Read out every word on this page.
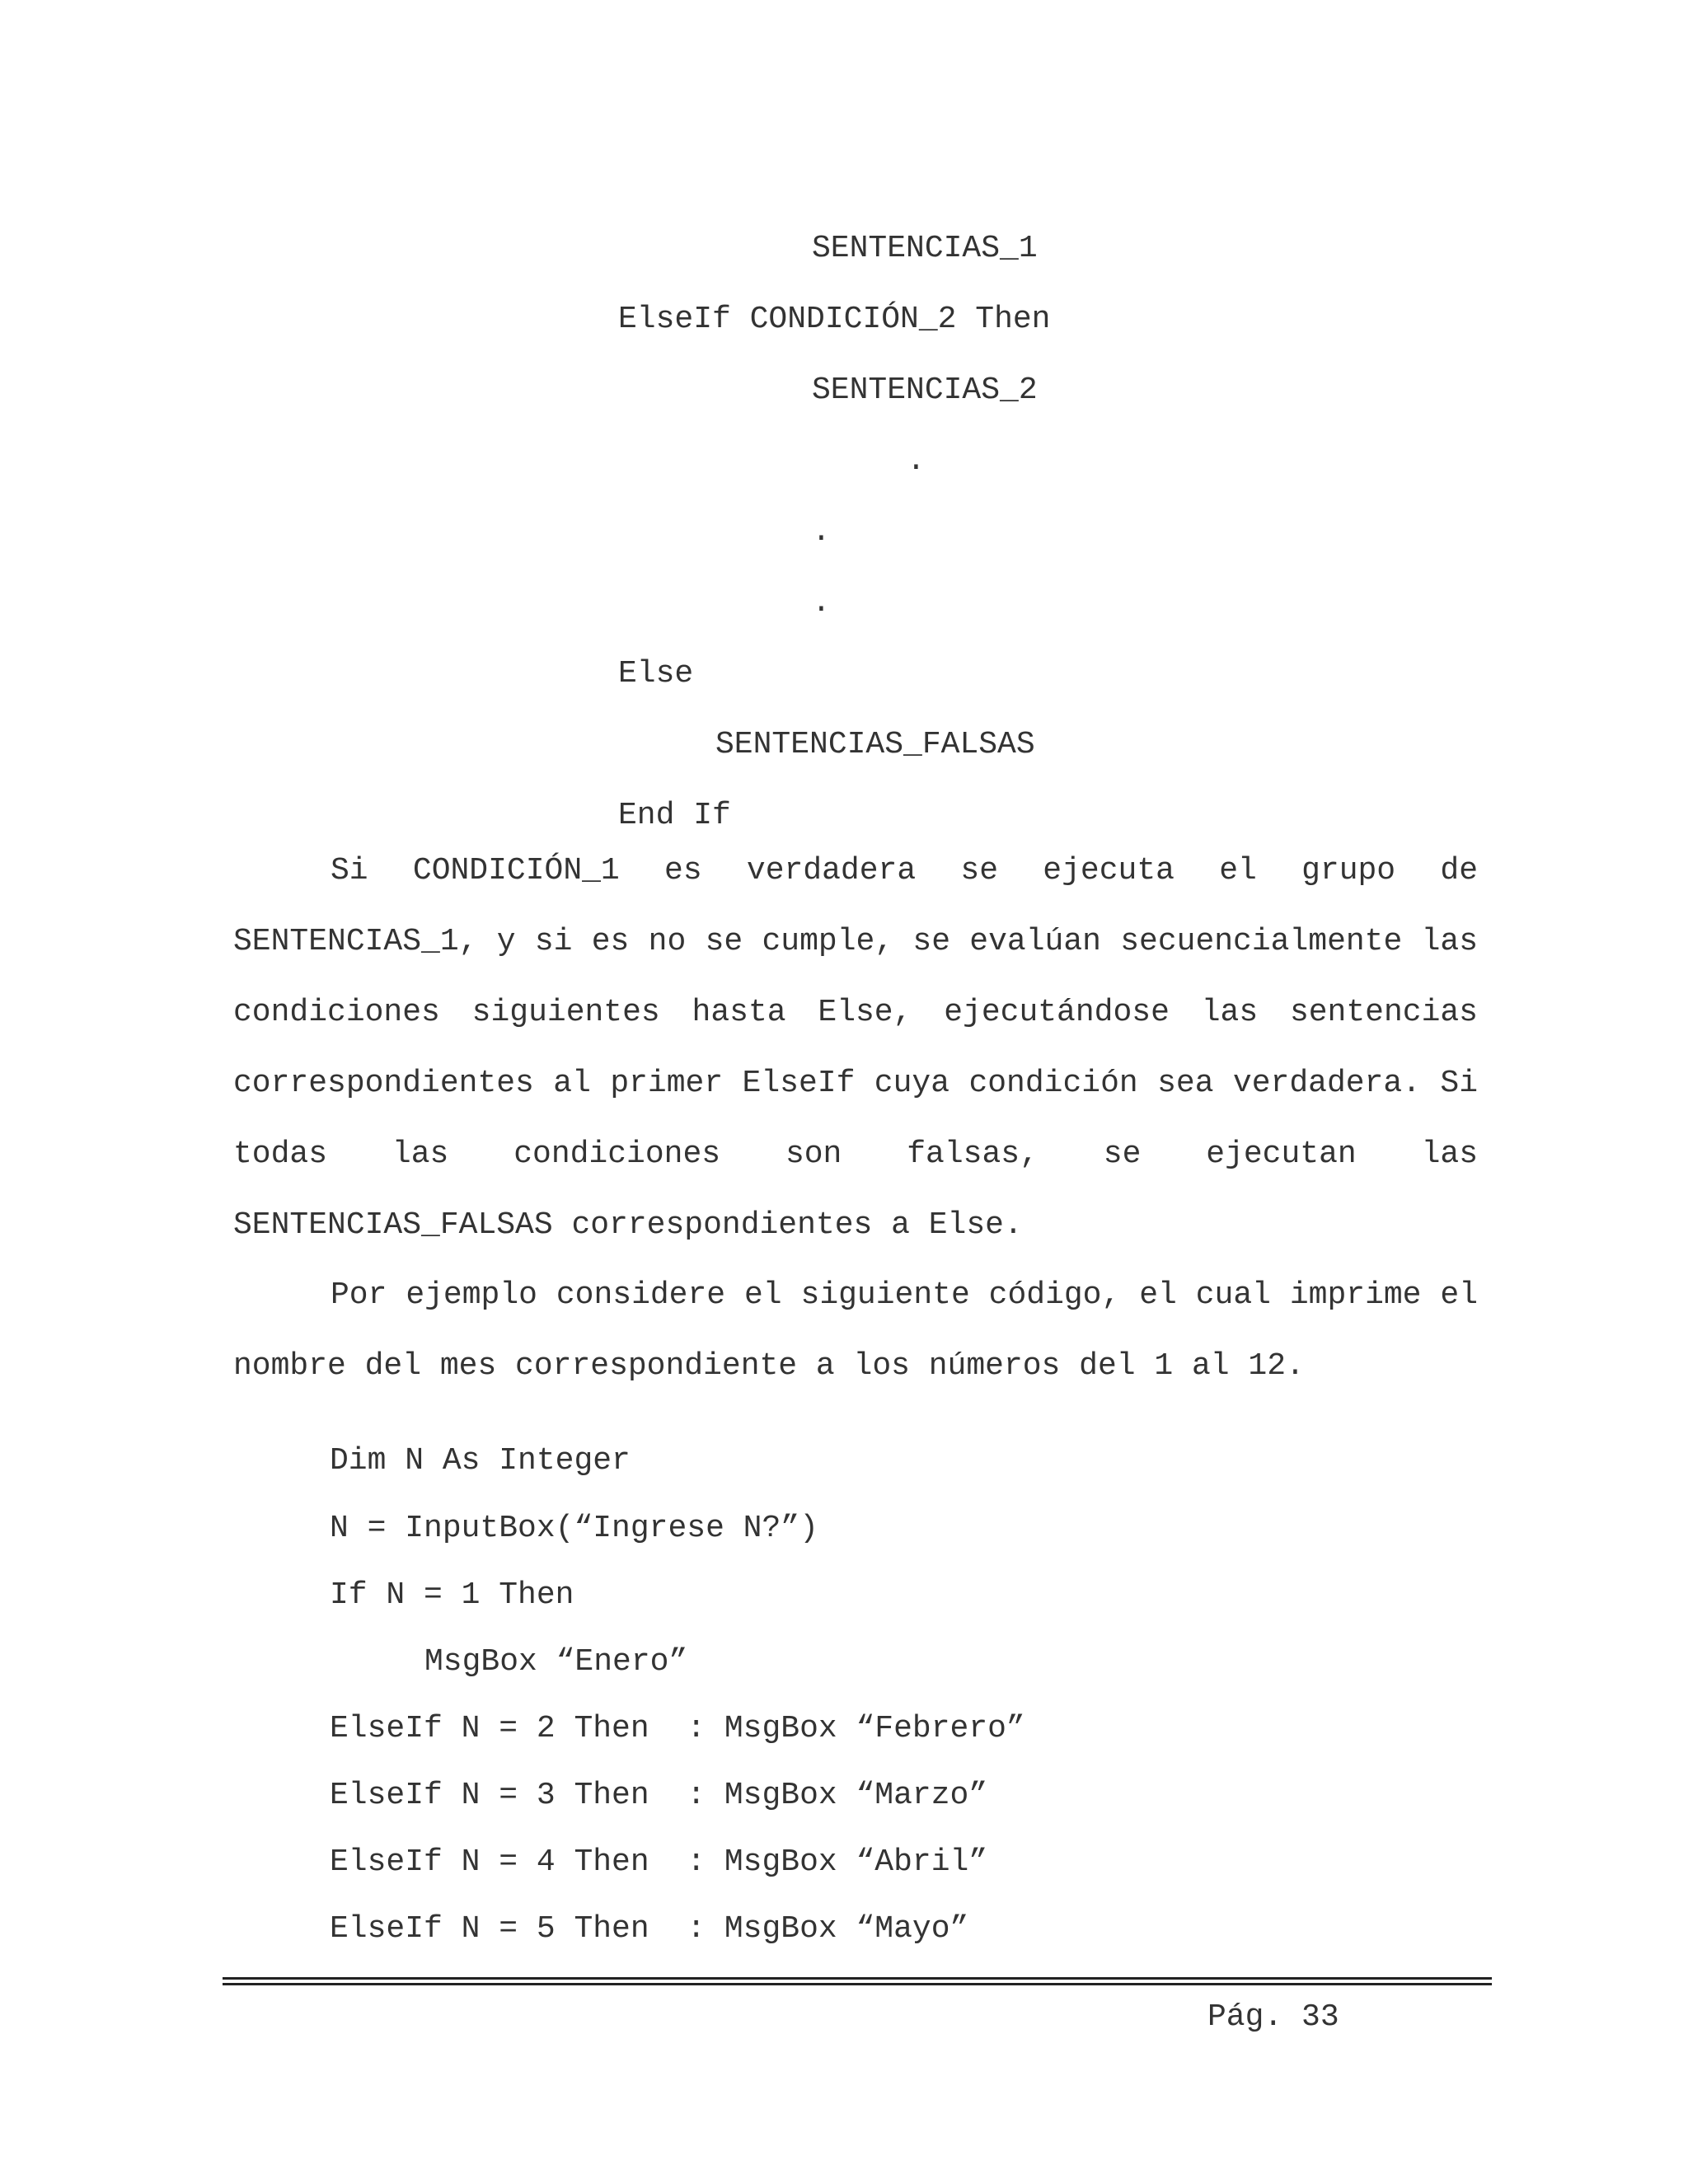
SENTENCIAS_1
ElseIf CONDICIÓN_2 Then
SENTENCIAS_2
.
.
.
Else
SENTENCIAS_FALSAS
End If
Si CONDICIÓN_1 es verdadera se ejecuta el grupo de SENTENCIAS_1, y si es no se cumple, se evalúan secuencialmente las condiciones siguientes hasta Else, ejecutándose las sentencias correspondientes al primer ElseIf cuya condición sea verdadera. Si todas las condiciones son falsas, se ejecutan las SENTENCIAS_FALSAS correspondientes a Else.
Por ejemplo considere el siguiente código, el cual imprime el nombre del mes correspondiente a los números del 1 al 12.
Dim N As Integer
N = InputBox(“Ingrese N?”)
If N = 1 Then
MsgBox “Enero”
ElseIf N = 2 Then  : MsgBox “Febrero”
ElseIf N = 3 Then  : MsgBox “Marzo”
ElseIf N = 4 Then  : MsgBox “Abril”
ElseIf N = 5 Then  : MsgBox “Mayo”
Pág. 33
